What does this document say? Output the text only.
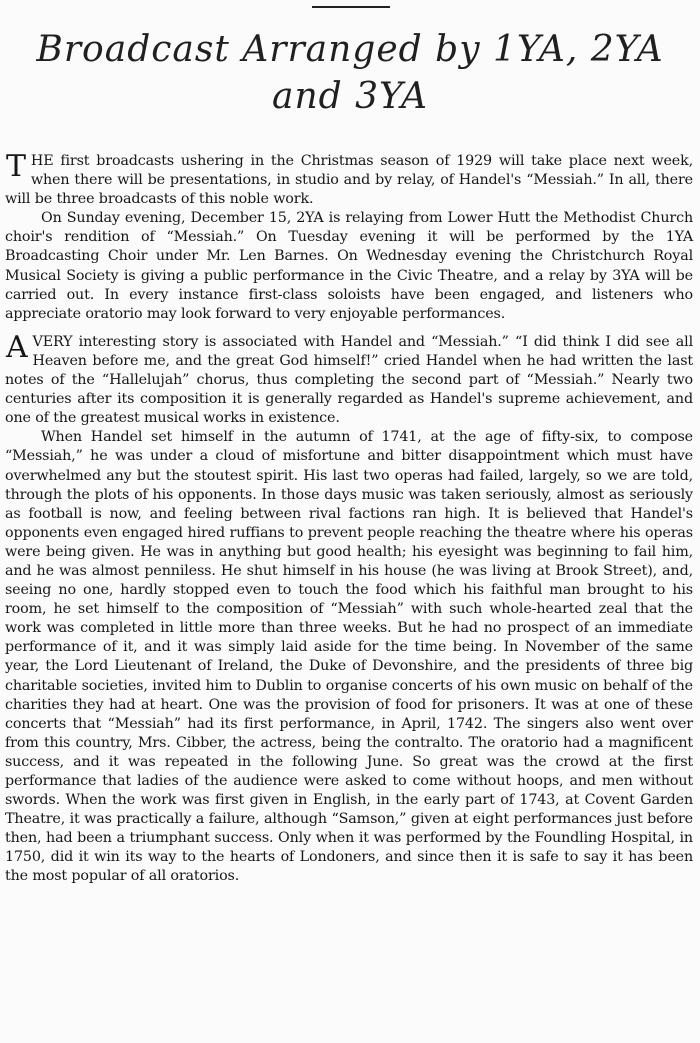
Broadcast Arranged by 1YA, 2YA
and 3YA

THE first broadcasts ushering in the Christmas season of 1929 will take place next week, when there will be presentations, in studio and by relay, of Handel's “Messiah.” In all, there will be three broadcasts of this noble work.

On Sunday evening, December 15, 2YA is relaying from Lower Hutt the Methodist Church choir's rendition of “Messiah.” On Tuesday evening it will be performed by the 1YA Broadcasting Choir under Mr. Len Barnes. On Wednesday evening the Christchurch Royal Musical Society is giving a public performance in the Civic Theatre, and a relay by 3YA will be carried out. In every instance first-class soloists have been engaged, and listeners who appreciate oratorio may look forward to very enjoyable performances.

AVERY interesting story is associated with Handel and “Messiah.” “I did think I did see all Heaven before me, and the great God himself!” cried Handel when he had written the last notes of the “Hallelujah” chorus, thus completing the second part of “Messiah.” Nearly two centuries after its composition it is generally regarded as Handel's supreme achievement, and one of the greatest musical works in existence.

When Handel set himself in the autumn of 1741, at the age of fifty-six, to compose “Messiah,” he was under a cloud of misfortune and bitter disappointment which must have overwhelmed any but the stoutest spirit. His last two operas had failed, largely, so we are told, through the plots of his opponents. In those days music was taken seriously, almost as seriously as football is now, and feeling between rival factions ran high. It is believed that Handel's opponents even engaged hired ruffians to prevent people reaching the theatre where his operas were being given. He was in anything but good health; his eyesight was beginning to fail him, and he was almost penniless. He shut himself in his house (he was living at Brook Street), and, seeing no one, hardly stopped even to touch the food which his faithful man brought to his room, he set himself to the composition of “Messiah” with such whole-hearted zeal that the work was completed in little more than three weeks. But he had no prospect of an immediate performance of it, and it was simply laid aside for the time being. In November of the same year, the Lord Lieutenant of Ireland, the Duke of Devonshire, and the presidents of three big charitable societies, invited him to Dublin to organise concerts of his own music on behalf of the charities they had at heart. One was the provision of food for prisoners. It was at one of these concerts that “Messiah” had its first performance, in April, 1742. The singers also went over from this country, Mrs. Cibber, the actress, being the contralto. The oratorio had a magnificent success, and it was repeated in the following June. So great was the crowd at the first performance that ladies of the audience were asked to come without hoops, and men without swords. When the work was first given in English, in the early part of 1743, at Covent Garden Theatre, it was practically a failure, although “Samson,” given at eight performances just before then, had been a triumphant success. Only when it was performed by the Foundling Hospital, in 1750, did it win its way to the hearts of Londoners, and since then it is safe to say it has been the most popular of all oratorios.
